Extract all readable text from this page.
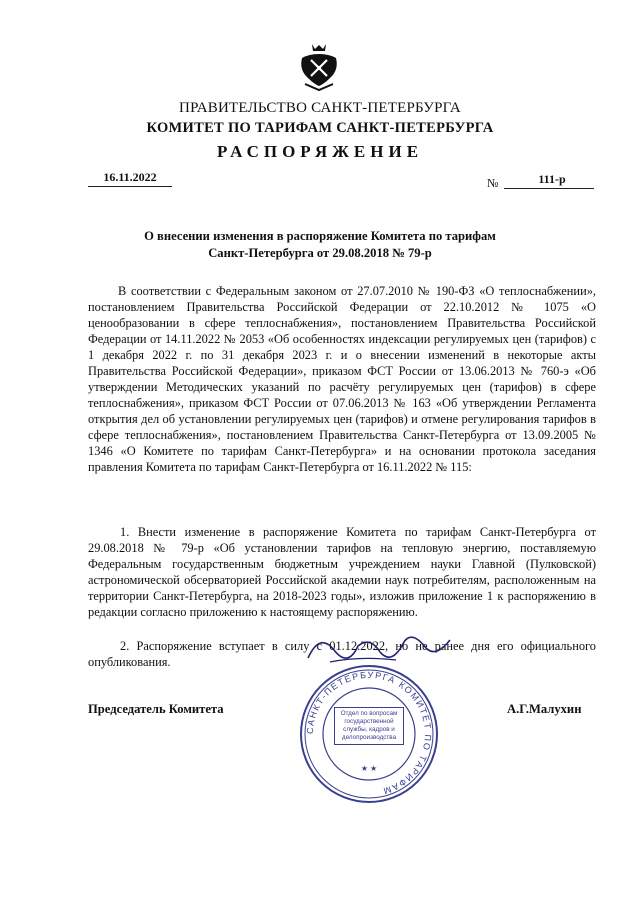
ПРАВИТЕЛЬСТВО САНКТ-ПЕТЕРБУРГА
КОМИТЕТ ПО ТАРИФАМ САНКТ-ПЕТЕРБУРГА
РАСПОРЯЖЕНИЕ
16.11.2022	№	111-р
О внесении изменения в распоряжение Комитета по тарифам
Санкт-Петербурга от 29.08.2018 № 79-р
В соответствии с Федеральным законом от 27.07.2010 № 190-ФЗ «О теплоснабжении», постановлением Правительства Российской Федерации от 22.10.2012 № 1075 «О ценообразовании в сфере теплоснабжения», постановлением Правительства Российской Федерации от 14.11.2022 № 2053 «Об особенностях индексации регулируемых цен (тарифов) с 1 декабря 2022 г. по 31 декабря 2023 г. и о внесении изменений в некоторые акты Правительства Российской Федерации», приказом ФСТ России от 13.06.2013 № 760-э «Об утверждении Методических указаний по расчёту регулируемых цен (тарифов) в сфере теплоснабжения», приказом ФСТ России от 07.06.2013 № 163 «Об утверждении Регламента открытия дел об установлении регулируемых цен (тарифов) и отмене регулирования тарифов в сфере теплоснабжения», постановлением Правительства Санкт-Петербурга от 13.09.2005 № 1346 «О Комитете по тарифам Санкт-Петербурга» и на основании протокола заседания правления Комитета по тарифам Санкт-Петербурга от 16.11.2022 № 115:
1. Внести изменение в распоряжение Комитета по тарифам Санкт-Петербурга от 29.08.2018 № 79-р «Об установлении тарифов на тепловую энергию, поставляемую Федеральным государственным бюджетным учреждением науки Главной (Пулковской) астрономической обсерваторией Российской академии наук потребителям, расположенным на территории Санкт-Петербурга, на 2018-2023 годы», изложив приложение 1 к распоряжению в редакции согласно приложению к настоящему распоряжению.
2. Распоряжение вступает в силу с 01.12.2022, но не ранее дня его официального опубликования.
САНКТ-ПЕТЕРБУРГА КОМИТЕТ ПО ТАРИФАМ
Отдел по вопросам государственной службы, кадров и делопроизводства
★ ★
Председатель Комитета	А.Г.Малухин
